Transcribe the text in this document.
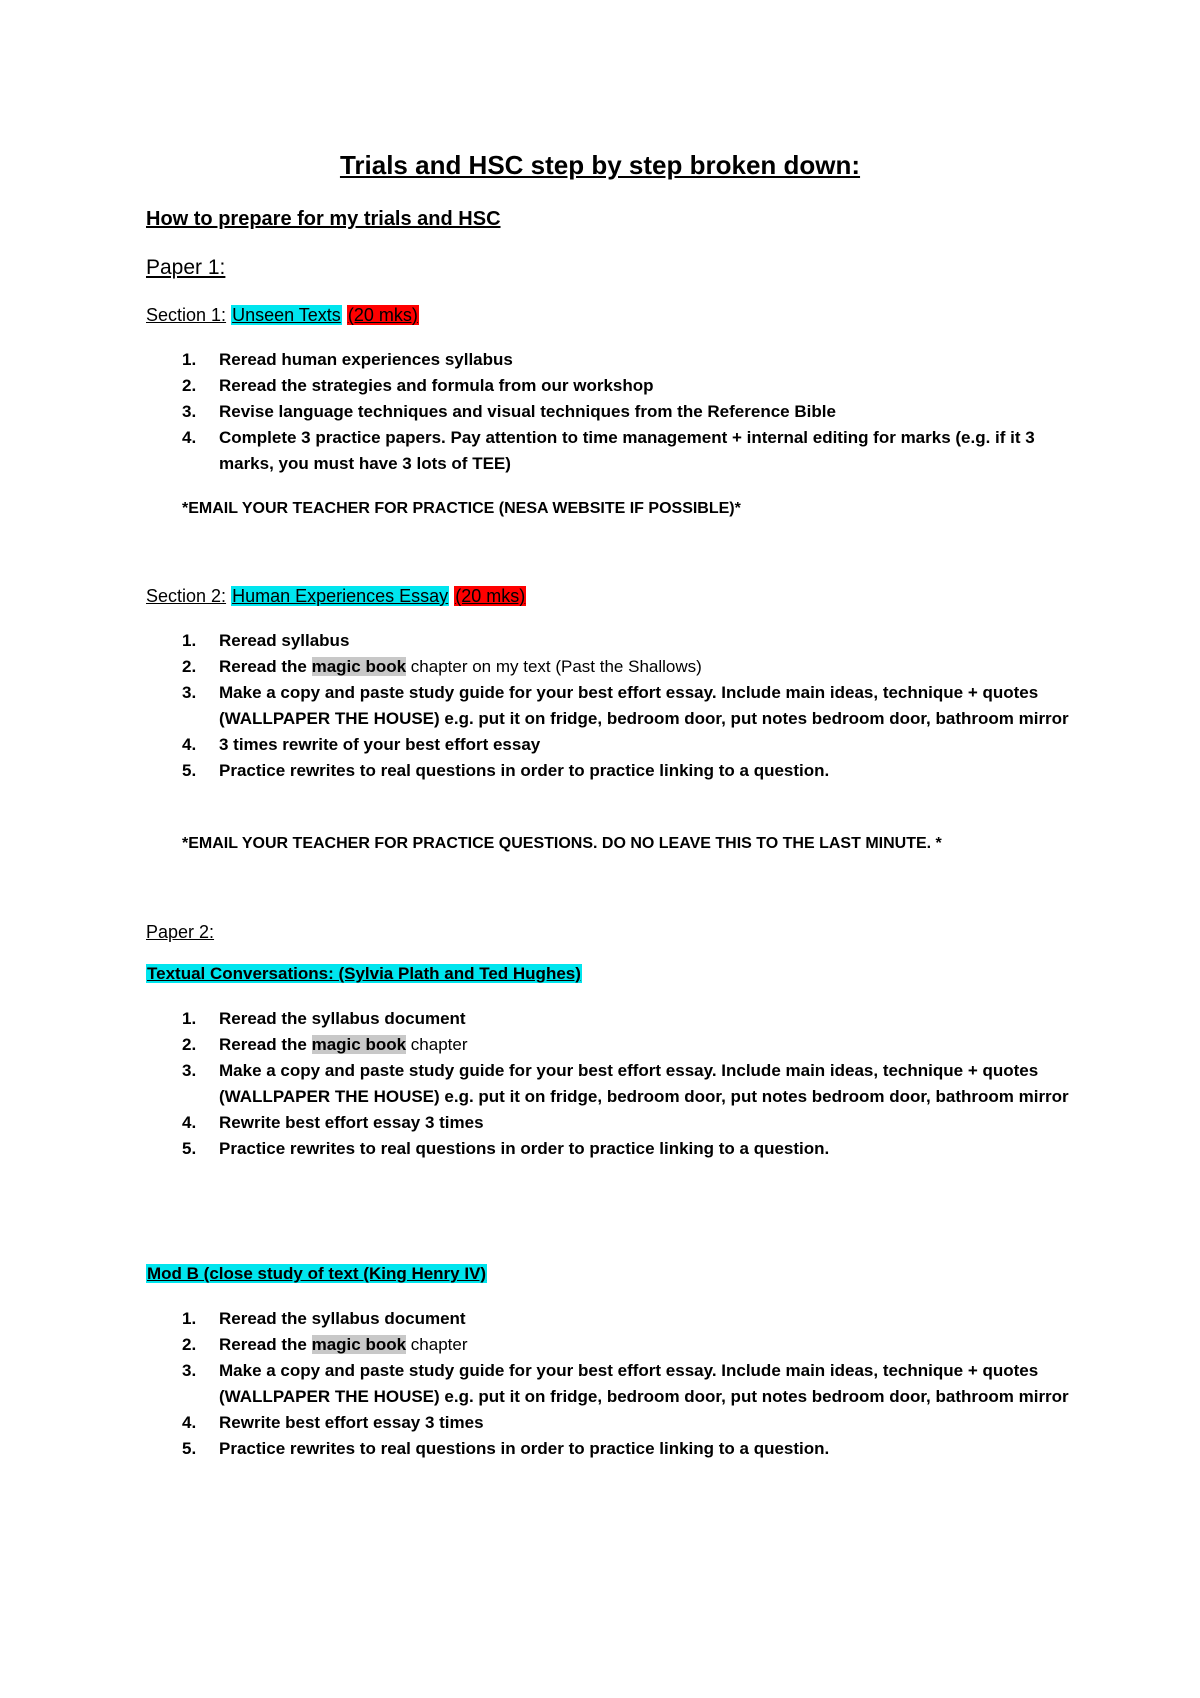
Trials and HSC step by step broken down:
How to prepare for my trials and HSC
Paper 1:
Section 1: Unseen Texts (20 mks)
1. Reread human experiences syllabus
2. Reread the strategies and formula from our workshop
3. Revise language techniques and visual techniques from the Reference Bible
4. Complete 3 practice papers. Pay attention to time management + internal editing for marks (e.g. if it 3 marks, you must have 3 lots of TEE)
*EMAIL YOUR TEACHER FOR PRACTICE (NESA WEBSITE IF POSSIBLE)*
Section 2: Human Experiences Essay (20 mks)
1. Reread syllabus
2. Reread the magic book chapter on my text (Past the Shallows)
3. Make a copy and paste study guide for your best effort essay. Include main ideas, technique + quotes (WALLPAPER THE HOUSE) e.g. put it on fridge, bedroom door, put notes bedroom door, bathroom mirror
4. 3 times rewrite of your best effort essay
5. Practice rewrites to real questions in order to practice linking to a question.
*EMAIL YOUR TEACHER FOR PRACTICE QUESTIONS. DO NO LEAVE THIS TO THE LAST MINUTE. *
Paper 2:
Textual Conversations: (Sylvia Plath and Ted Hughes)
1. Reread the syllabus document
2. Reread the magic book chapter
3. Make a copy and paste study guide for your best effort essay. Include main ideas, technique + quotes (WALLPAPER THE HOUSE) e.g. put it on fridge, bedroom door, put notes bedroom door, bathroom mirror
4. Rewrite best effort essay 3 times
5. Practice rewrites to real questions in order to practice linking to a question.
Mod B (close study of text (King Henry IV)
1. Reread the syllabus document
2. Reread the magic book chapter
3. Make a copy and paste study guide for your best effort essay. Include main ideas, technique + quotes (WALLPAPER THE HOUSE) e.g. put it on fridge, bedroom door, put notes bedroom door, bathroom mirror
4. Rewrite best effort essay 3 times
5. Practice rewrites to real questions in order to practice linking to a question.
